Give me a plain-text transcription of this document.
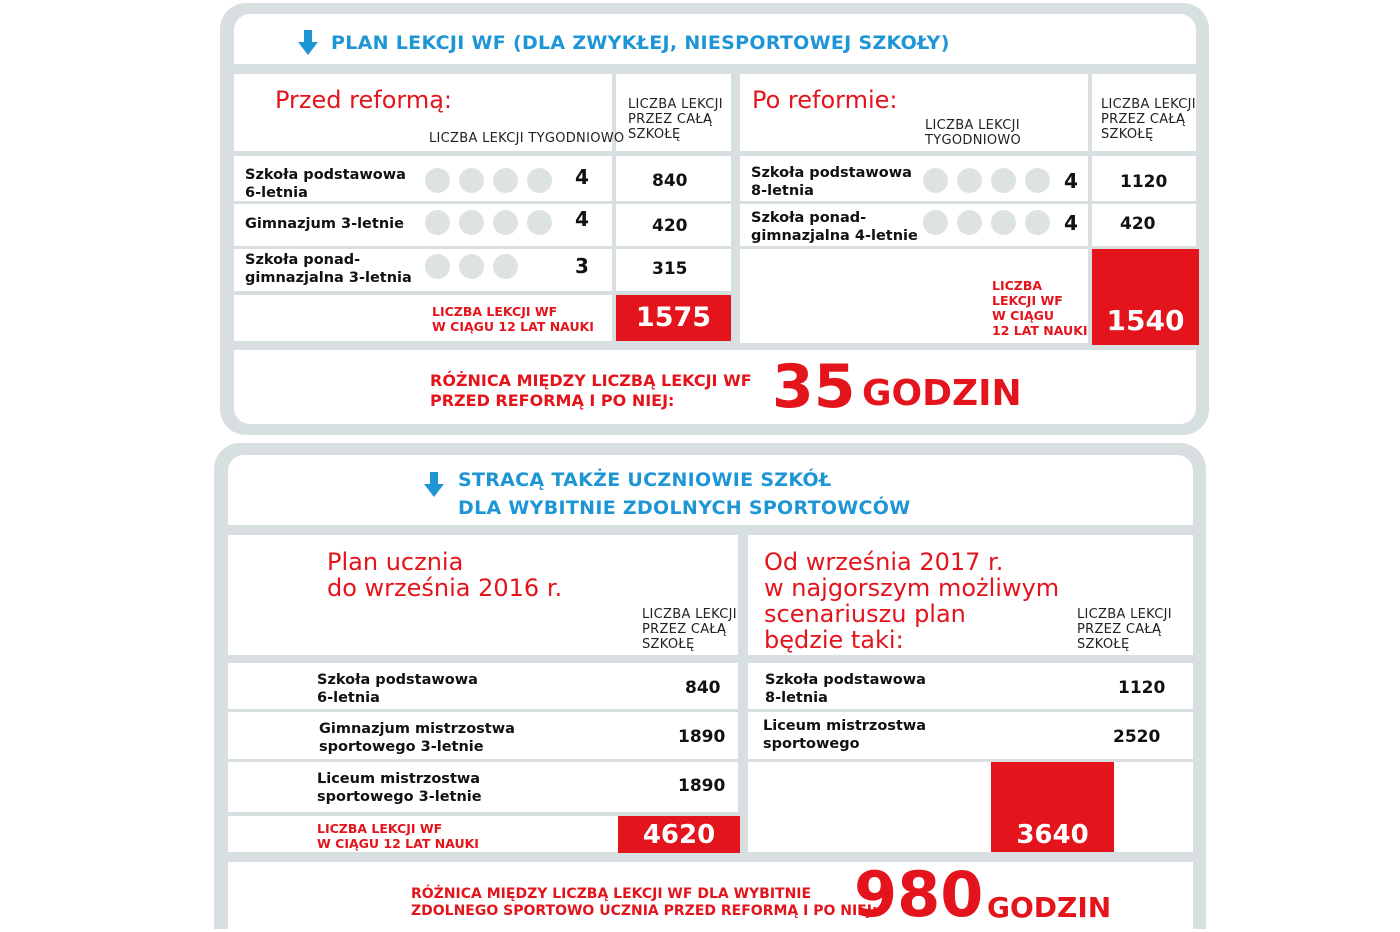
PLAN LEKCJI WF (DLA ZWYKŁEJ, NIESPORTOWEJ SZKOŁY)
Przed reformą:
LICZBA LEKCJI TYGODNIOWO
LICZBA LEKCJI
PRZEZ CAŁĄ
SZKOŁĘ
Szkoła podstawowa
6-letnia
4	840
Gimnazjum 3-letnie	4	420
Szkoła ponad-
gimnazjalna 3-letnia	3	315
LICZBA LEKCJI WF
W CIĄGU 12 LAT NAUKI	1575
Po reformie:
LICZBA LEKCJI
TYGODNIOWO
LICZBA LEKCJI
PRZEZ CAŁĄ
SZKOŁĘ
Szkoła podstawowa
8-letnia	4 1120
Szkoła ponad-
gimnazjalna 4-letnie
4 420
LICZBA
LEKCJI WF
W CIĄGU
12 LAT NAUKI 1540
RÓŻNICA MIĘDZY LICZBĄ LEKCJI WF
PRZED REFORMĄ I PO NIEJ:	35 GODZIN
STRACĄ TAKŻE UCZNIOWIE SZKÓŁ
DLA WYBITNIE ZDOLNYCH SPORTOWCÓW
Plan ucznia
do września 2016 r.
LICZBA LEKCJI
PRZEZ CAŁĄ
SZKOŁĘ
Szkoła podstawowa
6-letnia	840
Gimnazjum mistrzostwa
sportowego 3-letnie	1890
Liceum mistrzostwa
sportowego 3-letnie
1890
LICZBA LEKCJI WF
W CIĄGU 12 LAT NAUKI	4620
Od września 2017 r.
w najgorszym możliwym
scenariuszu plan
będzie taki:
LICZBA LEKCJI
PRZEZ CAŁĄ
SZKOŁĘ
Szkoła podstawowa
8-letnia	1120
Liceum mistrzostwa
sportowego	2520
3640
RÓŻNICA MIĘDZY LICZBĄ LEKCJI WF DLA WYBITNIE
ZDOLNEGO SPORTOWO UCZNIA PRZED REFORMĄ I PO NIEJ:
980 GODZIN
